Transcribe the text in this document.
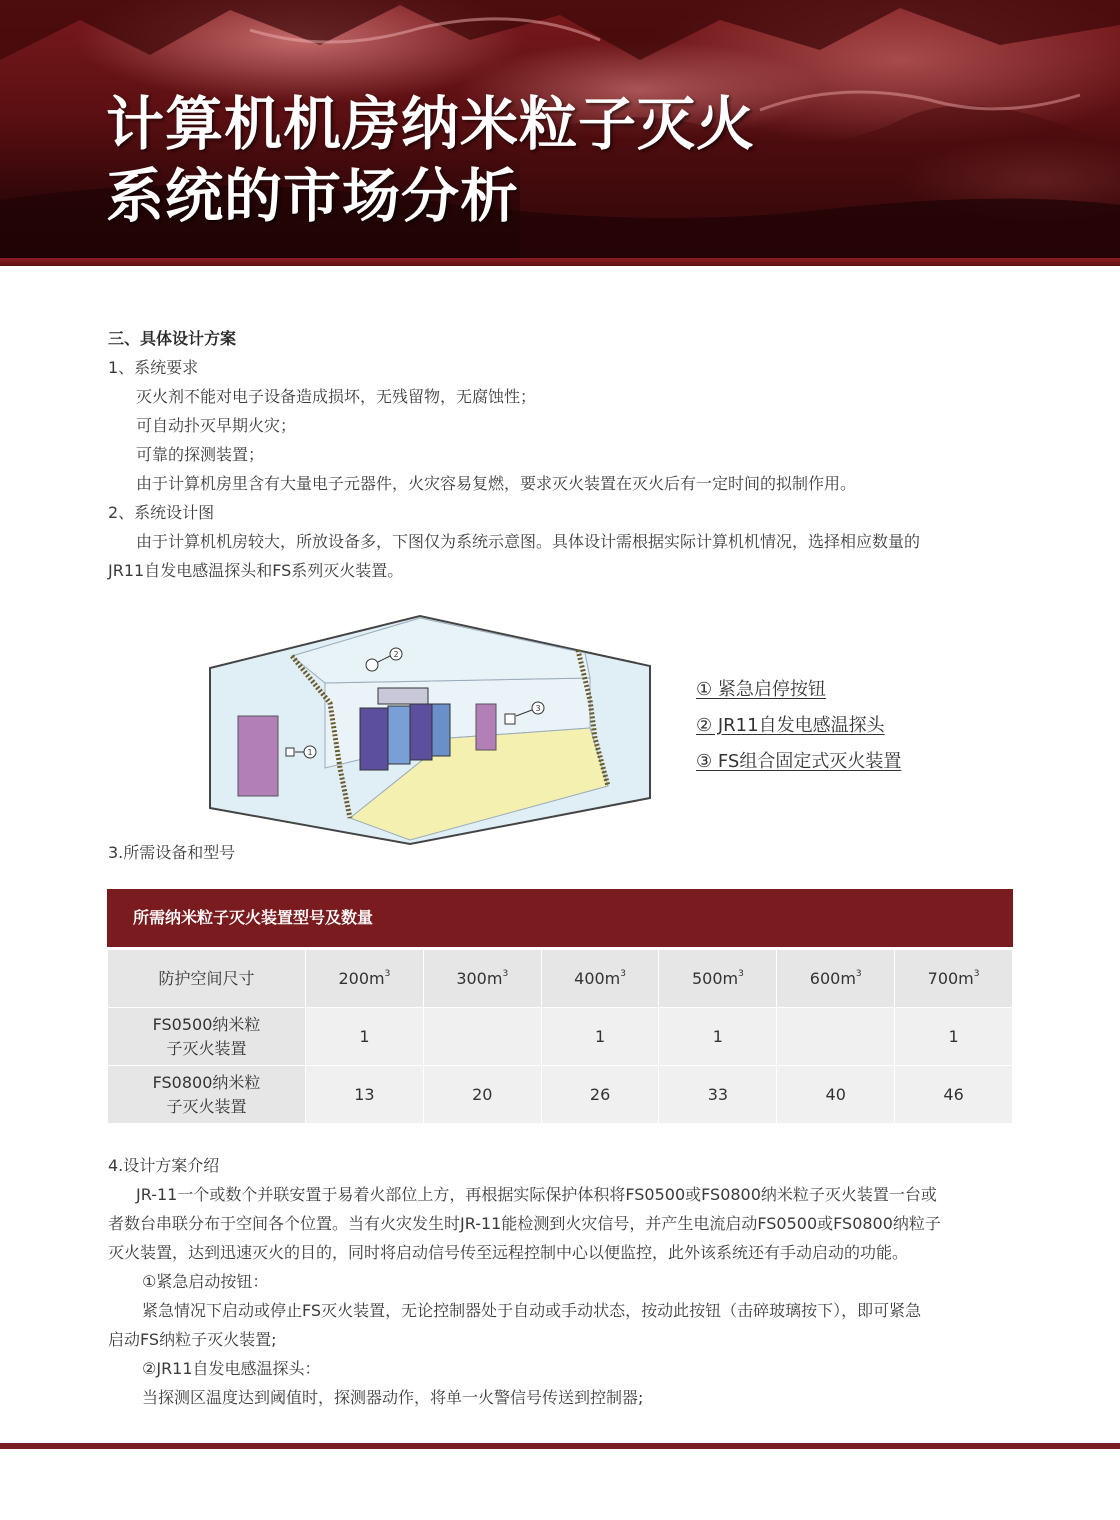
计算机机房纳米粒子灭火
系统的市场分析

三、具体设计方案

1、系统要求

灭火剂不能对电子设备造成损坏，无残留物，无腐蚀性；

可自动扑灭早期火灾；

可靠的探测装置；

由于计算机房里含有大量电子元器件，火灾容易复燃，要求灭火装置在灭火后有一定时间的拟制作用。

2、系统设计图

由于计算机机房较大，所放设备多，下图仅为系统示意图。具体设计需根据实际计算机机情况，选择相应数量的

JR11自发电感温探头和FS系列灭火装置。

2
1
3
① 紧急启停按钮
② JR11自发电感温探头
③ FS组合固定式灭火装置

3.所需设备和型号

所需纳米粒子灭火装置型号及数量
防护空间尺寸	$200m^3$	$300m^3$	$400m^3$	$500m^3$	$600m^3$	$700m^3$
FS0500纳米粒
子灭火装置	1		1	1		1
FS0800纳米粒
子灭火装置	13	20	26	33	40	46

4.设计方案介绍

JR-11一个或数个并联安置于易着火部位上方，再根据实际保护体积将FS0500或FS0800纳米粒子灭火装置一台或

者数台串联分布于空间各个位置。当有火灾发生时JR-11能检测到火灾信号，并产生电流启动FS0500或FS0800纳粒子

灭火装置，达到迅速灭火的目的，同时将启动信号传至远程控制中心以便监控，此外该系统还有手动启动的功能。

①紧急启动按钮：

紧急情况下启动或停止FS灭火装置，无论控制器处于自动或手动状态，按动此按钮（击碎玻璃按下），即可紧急

启动FS纳粒子灭火装置;

②JR11自发电感温探头：

当探测区温度达到阈值时，探测器动作，将单一火警信号传送到控制器;
